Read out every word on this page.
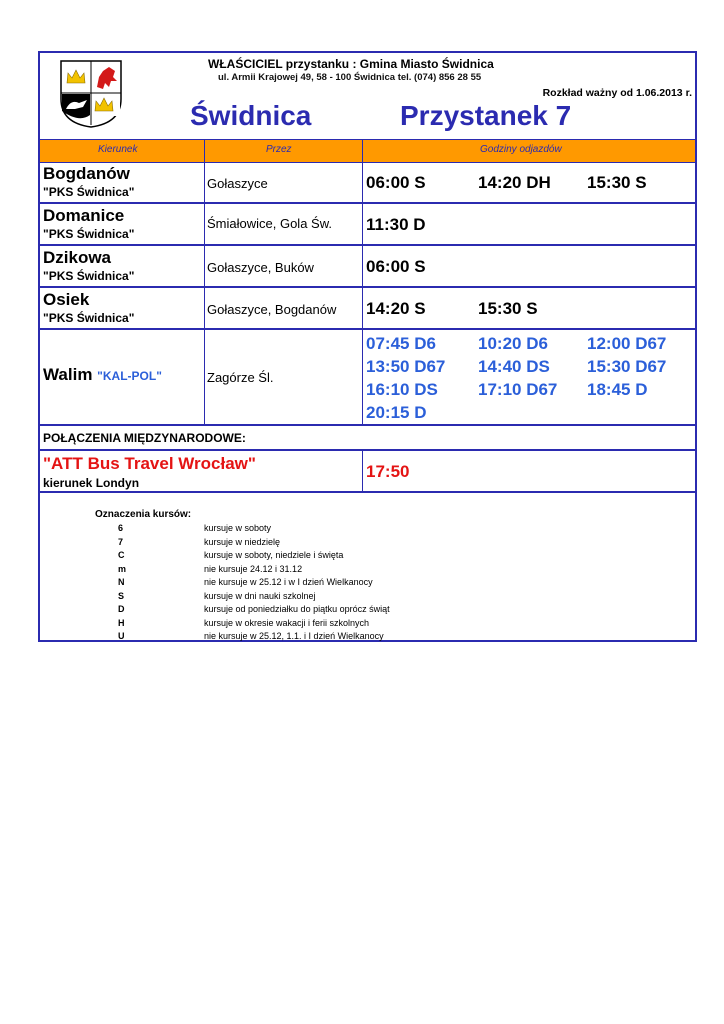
WŁAŚCICIEL przystanku : Gmina Miasto Świdnica
ul. Armii Krajowej 49, 58 - 100 Świdnica tel. (074) 856 28 55
Rozkład ważny od 1.06.2013 r.
Świdnica	Przystanek 7
Kierunek	Przez	Godziny odjazdów
Bogdanów
"PKS Świdnica"
Gołaszyce	06:00 S	14:20 DH 15:30 S
Domanice
"PKS Świdnica"
Śmiałowice, Gola Św. 11:30 D
Dzikowa
"PKS Świdnica"
Gołaszyce, Buków	06:00 S
Osiek
"PKS Świdnica"
Gołaszyce, Bogdanów 14:20 S	15:30 S
Walim "KAL-POL"	Zagórze Śl.
07:45 D6 10:20 D6 12:00 D67
13:50 D67 14:40 DS 15:30 D67
16:10 DS 17:10 D67 18:45 D
20:15 D
POŁĄCZENIA MIĘDZYNARODOWE:
"ATT Bus Travel Wrocław"
kierunek Londyn
17:50
Oznaczenia kursów:
6	kursuje w soboty
7	kursuje w niedzielę
C	kursuje w soboty, niedziele i święta
m	nie kursuje 24.12 i 31.12
N	nie kursuje w 25.12 i w I dzień Wielkanocy
S	kursuje w dni nauki szkolnej
D	kursuje od poniedziałku do piątku oprócz świąt
H	kursuje w okresie wakacji i ferii szkolnych
U	nie kursuje w 25.12, 1.1. i I dzień Wielkanocy
